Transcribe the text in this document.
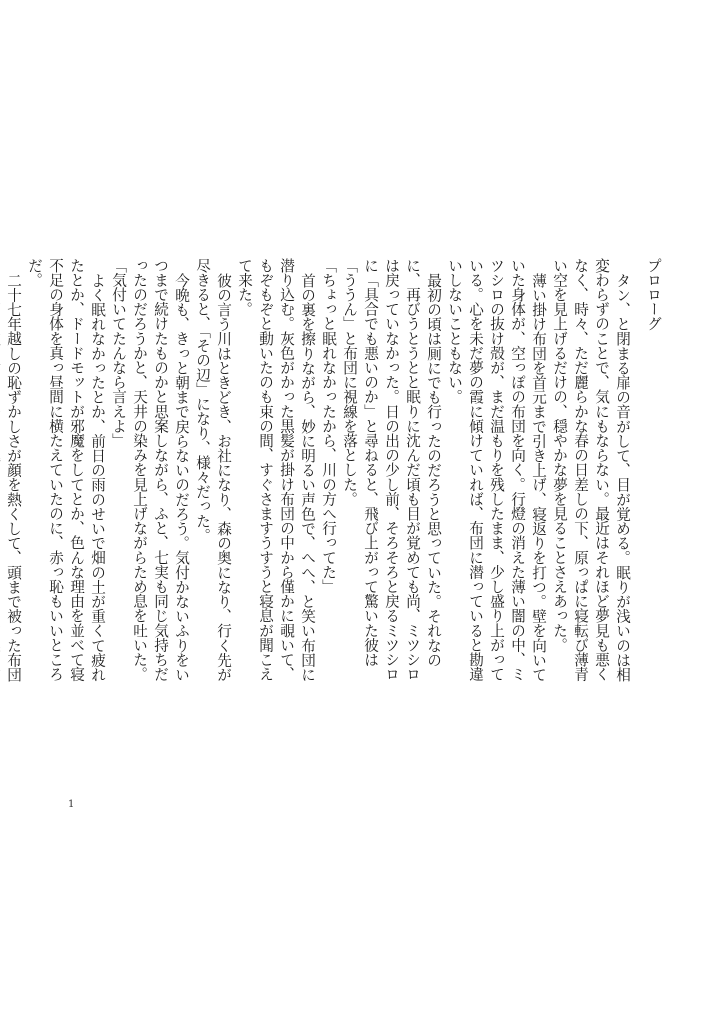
プロローグ

タン、と閉まる扉の音がして、目が覚める。眠りが浅いのは相変わらずのことで、気にもならない。最近はそれほど夢見も悪くなく、時々、ただ麗らかな春の日差しの下、原っぱに寝転び薄青い空を見上げるだけの、穏やかな夢を見ることさえあった。

薄い掛け布団を首元まで引き上げ、寝返りを打つ。壁を向いていた身体が、空っぽの布団を向く。行燈の消えた薄い闇の中、ミツシロの抜け殻が、まだ温もりを残したまま、少し盛り上がっている。心を未だ夢の霞に傾けていれば、布団に潜っていると勘違いしないこともない。

最初の頃は厠にでも行ったのだろうと思っていた。それなのに、再びうとうとと眠りに沈んだ頃も目が覚めても尚、ミツシロは戻っていなかった。日の出の少し前、そろそろと戻るミツシロに「具合でも悪いのか」と尋ねると、飛び上がって驚いた彼は「ううん」と布団に視線を落とした。

「ちょっと眠れなかったから、川の方へ行ってた」

首の裏を擦りながら、妙に明るい声色で、へへ、と笑い布団に潜り込む。灰色がかった黒髪が掛け布団の中から僅かに覗いて、もぞもぞと動いたのも束の間、すぐさますうすうと寝息が聞こえて来た。

彼の言う川はときどき、お社になり、森の奥になり、行く先が尽きると、「その辺」になり、様々だった。

今晩も、きっと朝まで戻らないのだろう。気付かないふりをいつまで続けたものかと思案しながら、ふと、七実も同じ気持ちだったのだろうかと、天井の染みを見上げながらため息を吐いた。

「気付いてたんなら言えよ」

よく眠れなかったとか、前日の雨のせいで畑の土が重くて疲れたとか、ドードモットが邪魔をしてとか、色んな理由を並べて寝不足の身体を真っ昼間に横たえていたのに、赤っ恥もいいところだ。

二十七年越しの恥ずかしさが顔を熱くして、頭まで被った布団

1
